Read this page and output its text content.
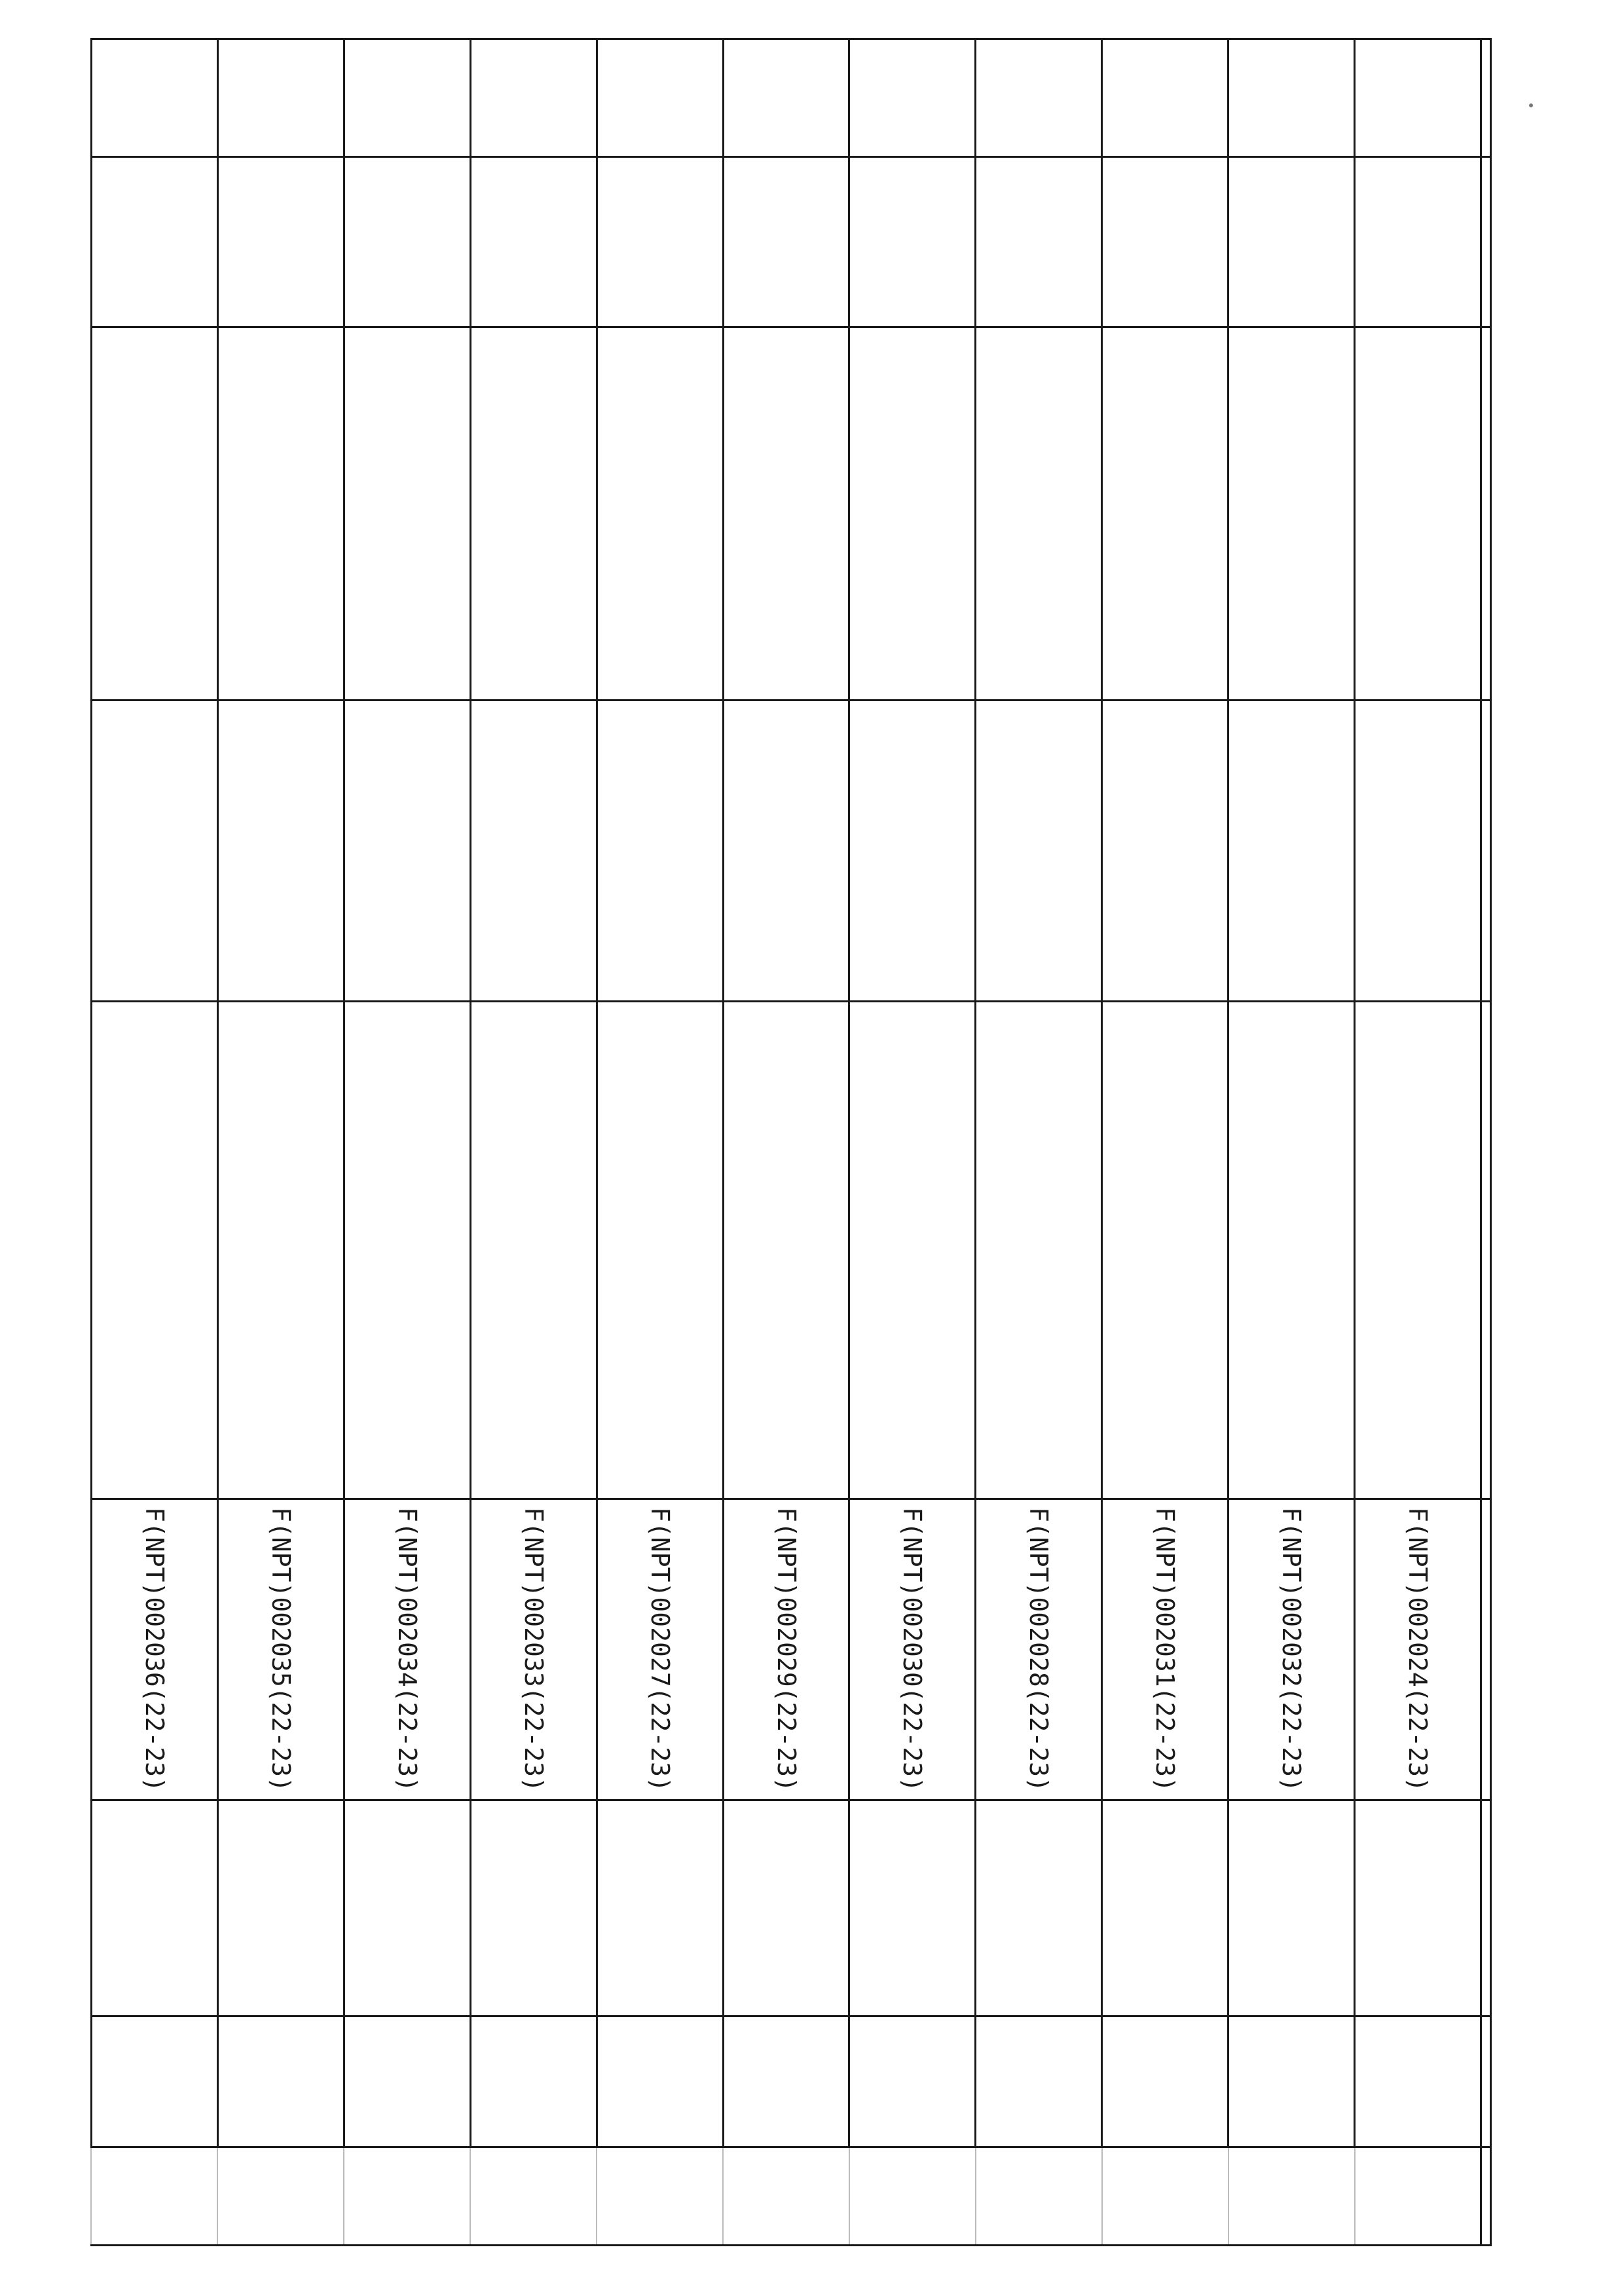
					F(NPT)002024(22-23)			
					F(NPT)002032(22-23)			
					F(NPT)002031(22-23)			
					F(NPT)002028(22-23)			
					F(NPT)002030(22-23)			
					F(NPT)002029(22-23)			
					F(NPT)002027(22-23)			
					F(NPT)002033(22-23)			
					F(NPT)002034(22-23)			
					F(NPT)002035(22-23)			
					F(NPT)002036(22-23)			
